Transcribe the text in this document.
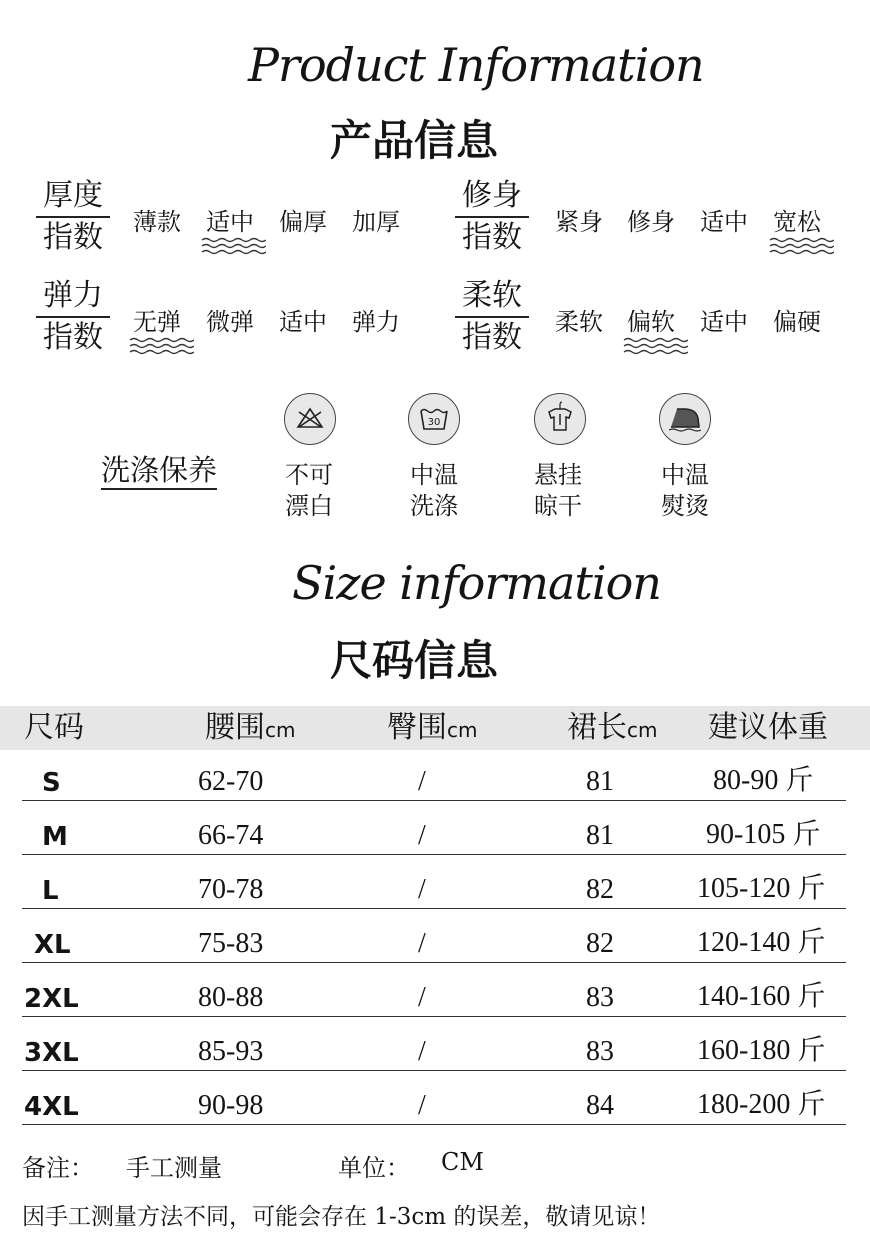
Product Information
产品信息
厚度
指数 薄款 适中 偏厚 加厚
修身
指数 紧身 修身 适中 宽松
弹力
指数 无弹 微弹 适中 弹力
柔软
指数 柔软 偏软 适中 偏硬
洗涤保养
30
不可
漂白
中温
洗涤
悬挂
晾干
中温
熨烫
Size information
尺码信息
尺码	腰围cm	臀围cm	裙长cm 建议体重
S	62-70	/	81	80-90 斤
M	66-74	/	81	90-105 斤
L	70-78	/	82	105-120 斤
XL	75-83	/	82	120-140 斤
2XL	80-88	/	83	140-160 斤
3XL	85-93	/	83	160-180 斤
4XL	90-98	/	84	180-200 斤
备注： 手工测量	单位： CM
因手工测量方法不同，可能会存在 1-3cm 的误差，敬请见谅！
